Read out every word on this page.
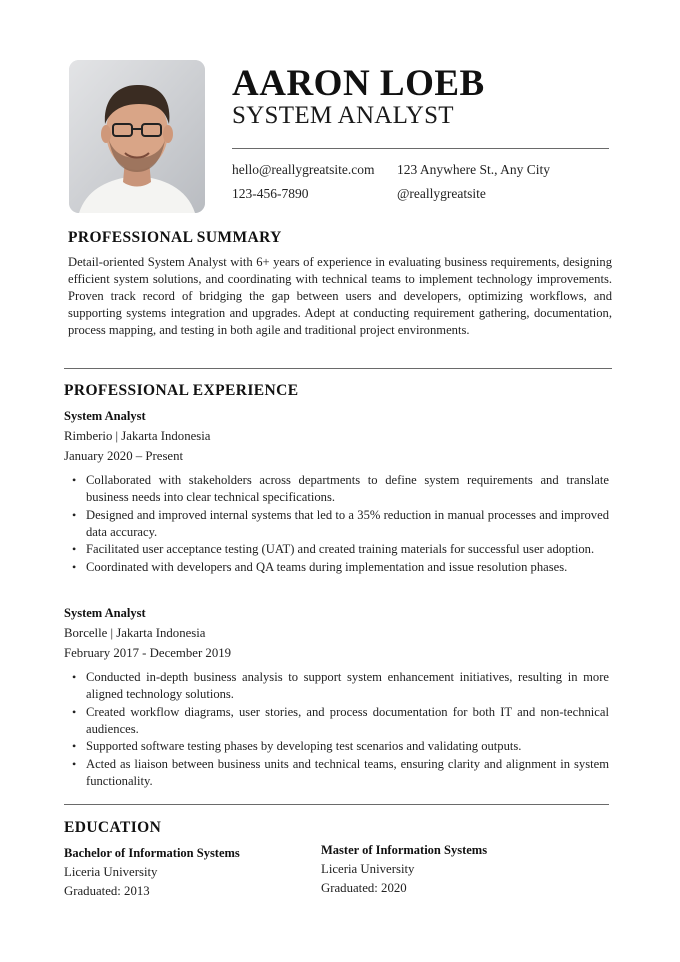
AARON LOEB
SYSTEM ANALYST
hello@reallygreatsite.com 123 Anywhere St., Any City
123-456-7890	@reallygreatsite
PROFESSIONAL SUMMARY
Detail-oriented System Analyst with 6+ years of experience in evaluating business requirements, designing efficient system solutions, and coordinating with technical teams to implement technology improvements. Proven track record of bridging the gap between users and developers, optimizing workflows, and supporting systems integration and upgrades. Adept at conducting requirement gathering, documentation, process mapping, and testing in both agile and traditional project environments.
PROFESSIONAL EXPERIENCE
System Analyst
Rimberio | Jakarta Indonesia
January 2020 – Present
• Collaborated with stakeholders across departments to define system requirements and translate business needs into clear technical specifications.
• Designed and improved internal systems that led to a 35% reduction in manual processes and improved data accuracy.
• Facilitated user acceptance testing (UAT) and created training materials for successful user adoption.
• Coordinated with developers and QA teams during implementation and issue resolution phases.
System Analyst
Borcelle | Jakarta Indonesia
February 2017 - December 2019
• Conducted in-depth business analysis to support system enhancement initiatives, resulting in more aligned technology solutions.
• Created workflow diagrams, user stories, and process documentation for both IT and non-technical audiences.
• Supported software testing phases by developing test scenarios and validating outputs.
• Acted as liaison between business units and technical teams, ensuring clarity and alignment in system functionality.
EDUCATION
Bachelor of Information Systems
Liceria University
Graduated: 2013
Master of Information Systems
Liceria University
Graduated: 2020
